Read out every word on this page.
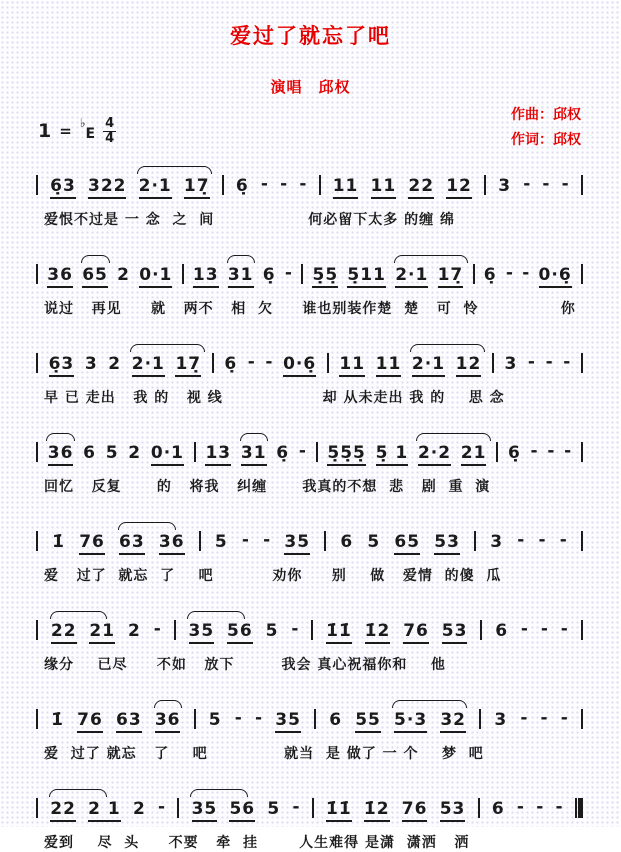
爱过了就忘了吧
演唱 邱权
$1 = ^♭E \frac{4}{4}$
作曲：邱权
作词：邱权
6̣3 322 2·1 17̣ 6̣ - - - 11 11 22 12 3 - - -
爱恨不过是 一 念  之  间                何必留下太多 的缠 绵
36 65 2 0·1 13 31 6̣ - 5̣5̣ 5̣11 2·1 17̣ 6̣ - - 0·6̣
说过   再见     就   两不   相  欠     谁也别装作楚  楚   可  怜              你
6̣3 3 2 2·1 17̣ 6̣ - - 0·6̣ 11 11 2·1 12 3 - - -
早 已 走出   我 的   视 线                 却 从未走出 我 的    思 念
36 6 5 2 0·1 13 31 6̣ - 5̣5̣5̣ 5̣ 1 2·2 21 6̣ - - -
回忆   反复      的   将我   纠缠      我真的不想  悲   剧  重  演
1̇ 76 63 36 5 - - 35 6 5 65 53 3 - - -
爱   过了  就忘  了    吧          劝你     别    做   爱情  的傻  瓜
22 21 2 - 35 56 5 - 1̇1̇ 1̇2 76 53 6 - - -
缘分    已尽     不如   放下        我会 真心祝福你和    他
1̇ 76 63 36 5 - - 35 6 55 5·3 32 3 - - -
爱  过了 就忘   了    吧             就当  是 做了 一 个    梦  吧
22 2 1 2 - 35 56 5 - 1̇1̇ 1̇2 76 53 6 - - -
爱到    尽  头     不要   牵  挂       人生难得 是潇  潇洒   洒
